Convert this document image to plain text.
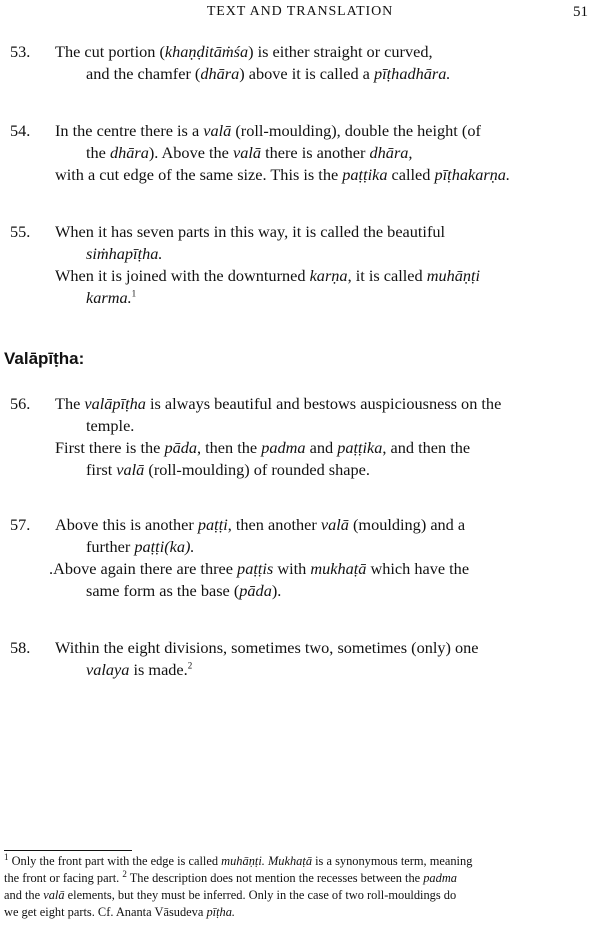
TEXT AND TRANSLATION	51
53. The cut portion (khaṇḍitāṁśa) is either straight or curved,
and the chamfer (dhāra) above it is called a pīṭhadhāra.
54. In the centre there is a valā (roll-moulding), double the height (of
the dhāra). Above the valā there is another dhāra,
with a cut edge of the same size. This is the paṭṭika called pīṭhakarṇa.
55. When it has seven parts in this way, it is called the beautiful
siṁhapīṭha.
When it is joined with the downturned karṇa, it is called muhāṇṭi
karma.$^1$
Valāpīṭha:
56. The valāpīṭha is always beautiful and bestows auspiciousness on the
temple.
First there is the pāda, then the padma and paṭṭika, and then the
first valā (roll-moulding) of rounded shape.
57. Above this is another paṭṭi, then another valā (moulding) and a
further paṭṭi(ka).
.Above again there are three paṭṭis with mukhaṭā which have the
same form as the base (pāda).
58. Within the eight divisions, sometimes two, sometimes (only) one
valaya is made.$^2$
$^1$ Only the front part with the edge is called muhāṇṭi. Mukhaṭā is a synonymous term, meaning
the front or facing part. $^2$ The description does not mention the recesses between the padma
and the valā elements, but they must be inferred. Only in the case of two roll-mouldings do
we get eight parts. Cf. Ananta Vāsudeva pīṭha.
